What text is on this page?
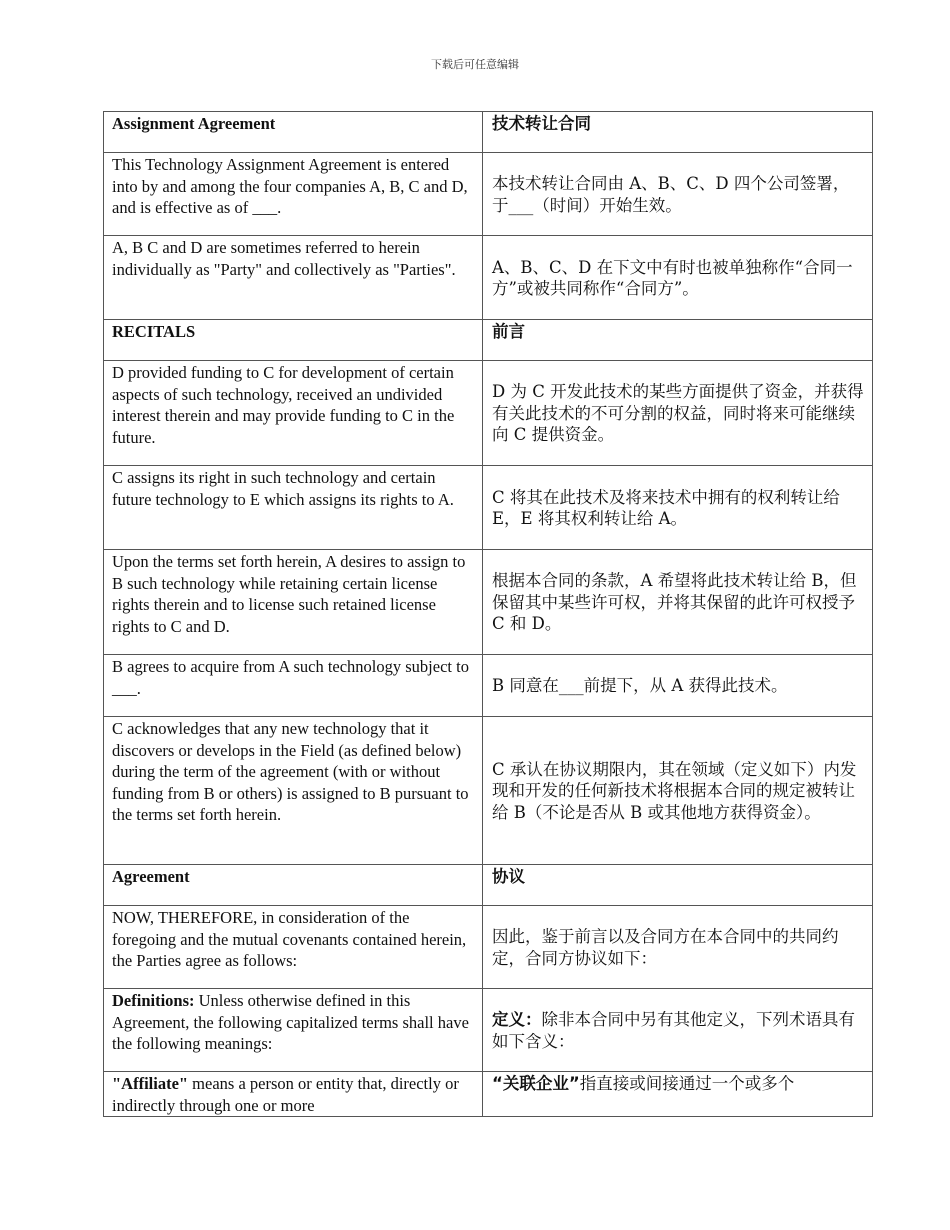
下载后可任意编辑
Assignment Agreement	技术转让合同
This Technology Assignment Agreement is entered into by and among the four companies A, B, C and D, and is effective as of ___.	本技术转让合同由 A、B、C、D 四个公司签署，于___（时间）开始生效。
A, B C and D are sometimes referred to herein individually as "Party" and collectively as "Parties".	A、B、C、D 在下文中有时也被单独称作“合同一方”或被共同称作“合同方”。
RECITALS	前言
D provided funding to C for development of certain aspects of such technology, received an undivided interest therein and may provide funding to C in the future.	D 为 C 开发此技术的某些方面提供了资金，并获得有关此技术的不可分割的权益，同时将来可能继续向 C 提供资金。
C assigns its right in such technology and certain future technology to E which assigns its rights to A.	C 将其在此技术及将来技术中拥有的权利转让给 E，E 将其权利转让给 A。
Upon the terms set forth herein, A desires to assign to B such technology while retaining certain license rights therein and to license such retained license rights to C and D.	根据本合同的条款，A 希望将此技术转让给 B，但保留其中某些许可权，并将其保留的此许可权授予 C 和 D。
B agrees to acquire from A such technology subject to ___.	B 同意在___前提下，从 A 获得此技术。
C acknowledges that any new technology that it discovers or develops in the Field (as defined below) during the term of the agreement (with or without funding from B or others) is assigned to B pursuant to the terms set forth herein.	C 承认在协议期限内，其在领域（定义如下）内发现和开发的任何新技术将根据本合同的规定被转让给 B（不论是否从 B 或其他地方获得资金）。
Agreement	协议
NOW, THEREFORE, in consideration of the foregoing and the mutual covenants contained herein, the Parties agree as follows:	因此，鉴于前言以及合同方在本合同中的共同约定，合同方协议如下：
Definitions: Unless otherwise defined in this Agreement, the following capitalized terms shall have the following meanings:	定义：除非本合同中另有其他定义，下列术语具有如下含义：
"Affiliate" means a person or entity that, directly or indirectly through one or more	“关联企业”指直接或间接通过一个或多个
